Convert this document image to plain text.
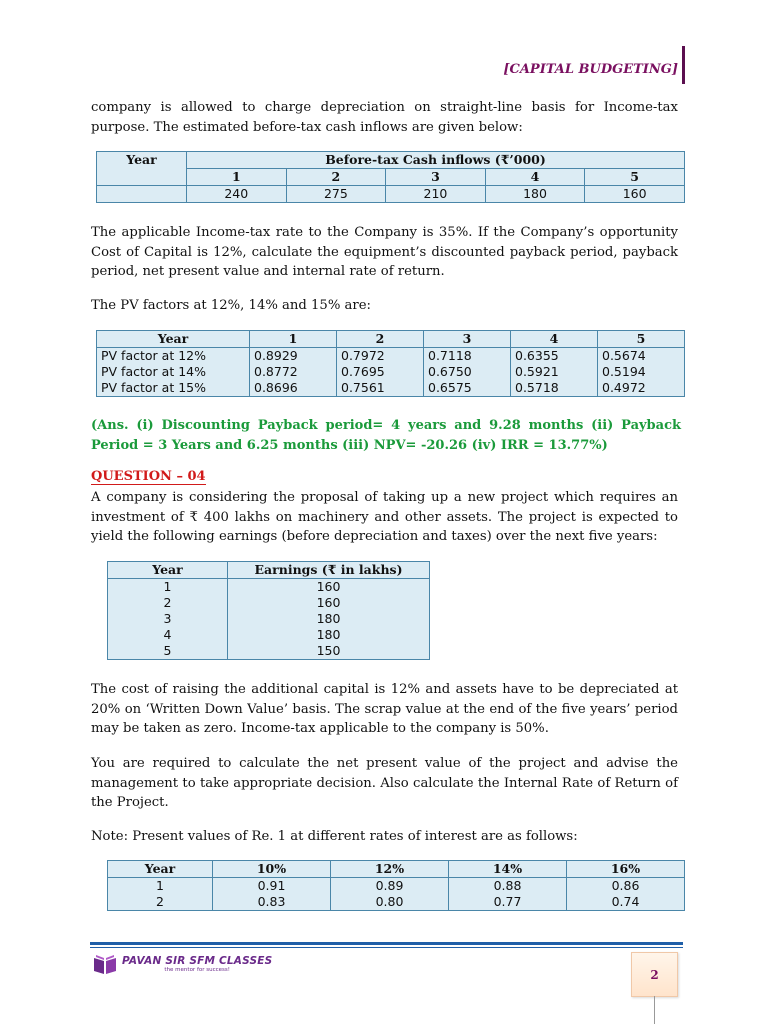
[CAPITAL BUDGETING]

company is allowed to charge depreciation on straight-line basis for Income-tax purpose. The estimated before-tax cash inflows are given below:

Year	Before-tax Cash inflows (₹’000)				
	1	2	3	4	5
	240	275	210	180	160

The applicable Income-tax rate to the Company is 35%. If the Company’s opportunity Cost of Capital is 12%, calculate the equipment’s discounted payback period, payback period, net present value and internal rate of return.

The PV factors at 12%, 14% and 15% are:

Year	1	2	3	4	5
PV factor at 12%	0.8929	0.7972	0.7118	0.6355	0.5674
PV factor at 14%	0.8772	0.7695	0.6750	0.5921	0.5194
PV factor at 15%	0.8696	0.7561	0.6575	0.5718	0.4972

(Ans. (i) Discounting Payback period= 4 years and 9.28 months (ii) Payback Period = 3 Years and 6.25 months (iii) NPV= -20.26 (iv) IRR = 13.77%)

QUESTION – 04

A company is considering the proposal of taking up a new project which requires an investment of ₹ 400 lakhs on machinery and other assets. The project is expected to yield the following earnings (before depreciation and taxes) over the next five years:

Year	Earnings (₹ in lakhs)
1	160
2	160
3	180
4	180
5	150

The cost of raising the additional capital is 12% and assets have to be depreciated at 20% on ‘Written Down Value’ basis. The scrap value at the end of the five years’ period may be taken as zero. Income-tax applicable to the company is 50%.

You are required to calculate the net present value of the project and advise the management to take appropriate decision. Also calculate the Internal Rate of Return of the Project.

Note: Present values of Re. 1 at different rates of interest are as follows:

Year	10%	12%	14%	16%
1	0.91	0.89	0.88	0.86
2	0.83	0.80	0.77	0.74
PAVAN SIR SFM CLASSES
the mentor for success!	2
